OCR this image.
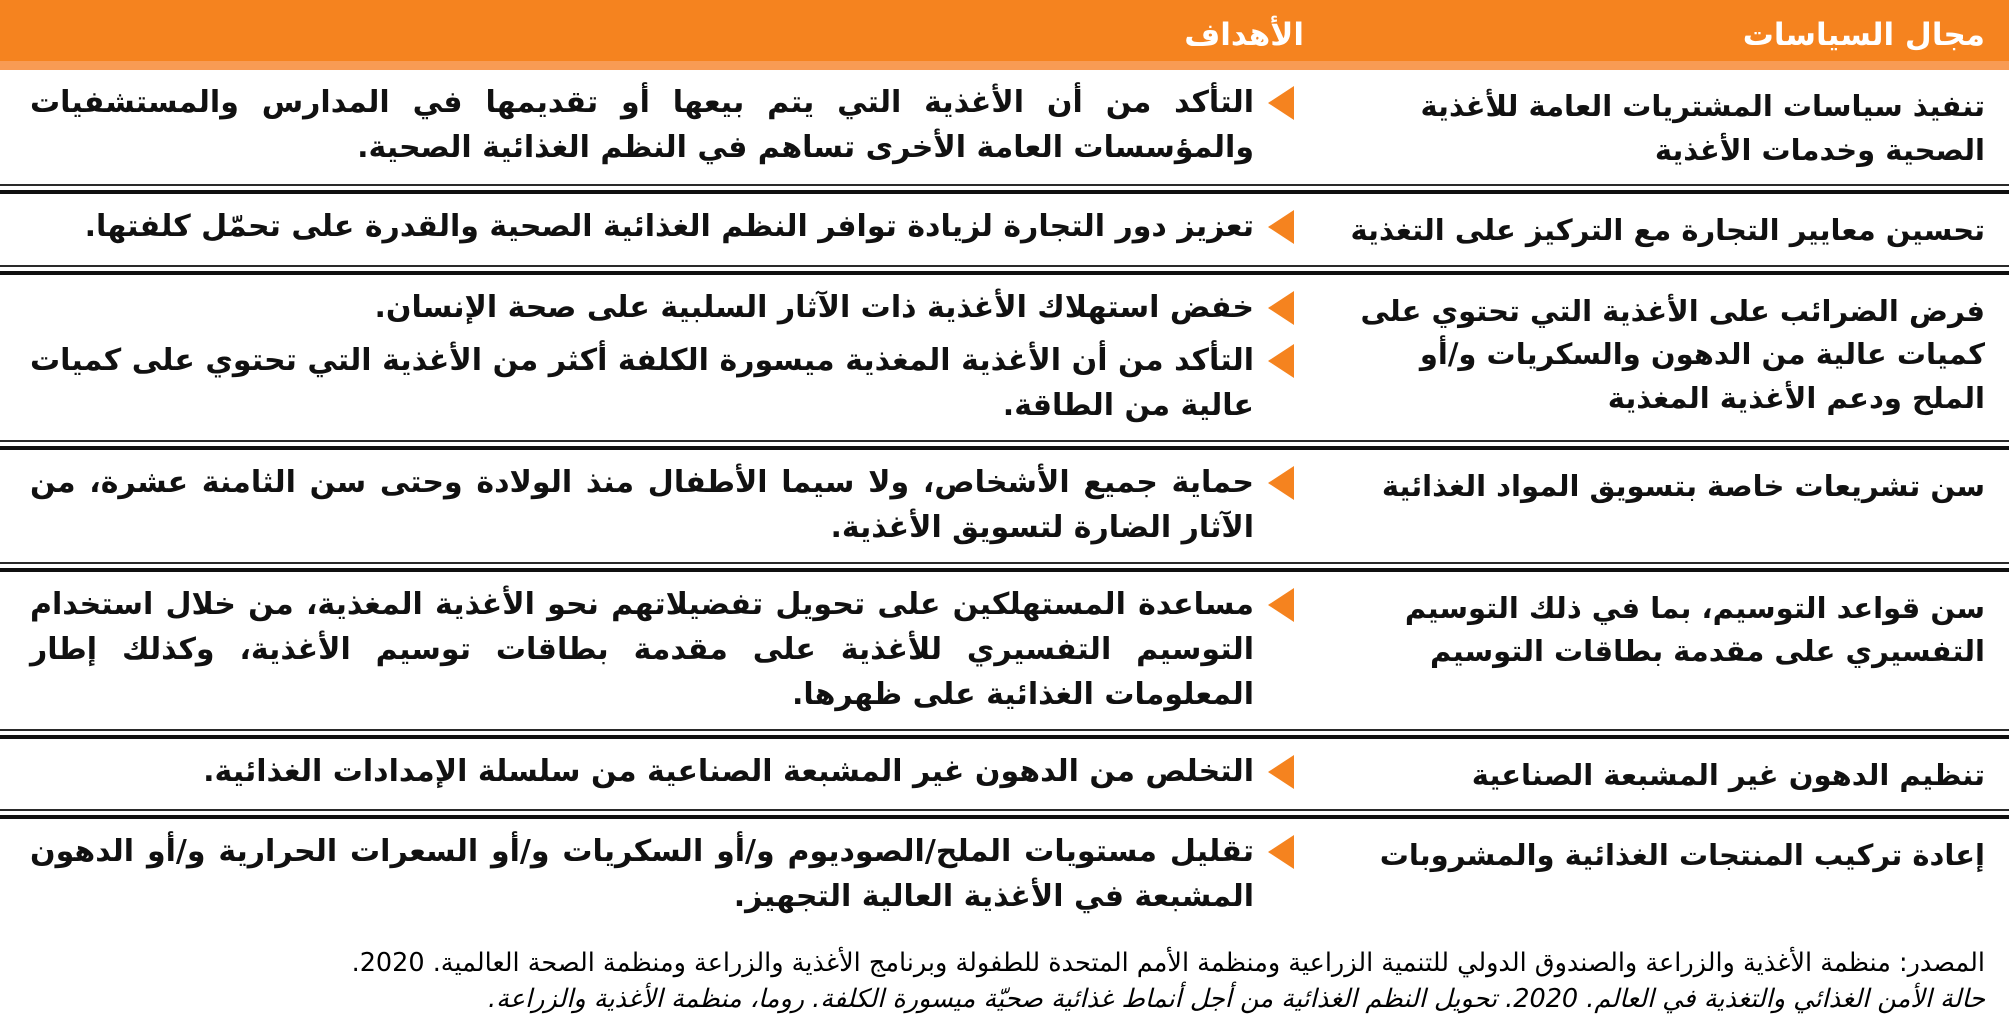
مجال السياسات
الأهداف
تنفيذ سياسات المشتريات العامة للأغذية الصحية وخدمات الأغذية

التأكد من أن الأغذية التي يتم بيعها أو تقديمها في المدارس والمستشفيات والمؤسسات العامة الأخرى تساهم في النظم الغذائية الصحية.

تحسين معايير التجارة مع التركيز على التغذية

تعزيز دور التجارة لزيادة توافر النظم الغذائية الصحية والقدرة على تحمّل كلفتها.

فرض الضرائب على الأغذية التي تحتوي على كميات عالية من الدهون والسكريات و/أو الملح ودعم الأغذية المغذية

خفض استهلاك الأغذية ذات الآثار السلبية على صحة الإنسان.

التأكد من أن الأغذية المغذية ميسورة الكلفة أكثر من الأغذية التي تحتوي على كميات عالية من الطاقة.

سن تشريعات خاصة بتسويق المواد الغذائية

حماية جميع الأشخاص، ولا سيما الأطفال منذ الولادة وحتى سن الثامنة عشرة، من الآثار الضارة لتسويق الأغذية.

سن قواعد التوسيم، بما في ذلك التوسيم التفسيري على مقدمة بطاقات التوسيم

مساعدة المستهلكين على تحويل تفضيلاتهم نحو الأغذية المغذية، من خلال استخدام التوسيم التفسيري للأغذية على مقدمة بطاقات توسيم الأغذية، وكذلك إطار المعلومات الغذائية على ظهرها.

تنظيم الدهون غير المشبعة الصناعية

التخلص من الدهون غير المشبعة الصناعية من سلسلة الإمدادات الغذائية.

إعادة تركيب المنتجات الغذائية والمشروبات

تقليل مستويات الملح/الصوديوم و/أو السكريات و/أو السعرات الحرارية و/أو الدهون المشبعة في الأغذية العالية التجهيز.

المصدر: منظمة الأغذية والزراعة والصندوق الدولي للتنمية الزراعية ومنظمة الأمم المتحدة للطفولة وبرنامج الأغذية والزراعة ومنظمة الصحة العالمية. 2020.
حالة الأمن الغذائي والتغذية في العالم. 2020. تحويل النظم الغذائية من أجل أنماط غذائية صحيّة ميسورة الكلفة. روما، منظمة الأغذية والزراعة.
